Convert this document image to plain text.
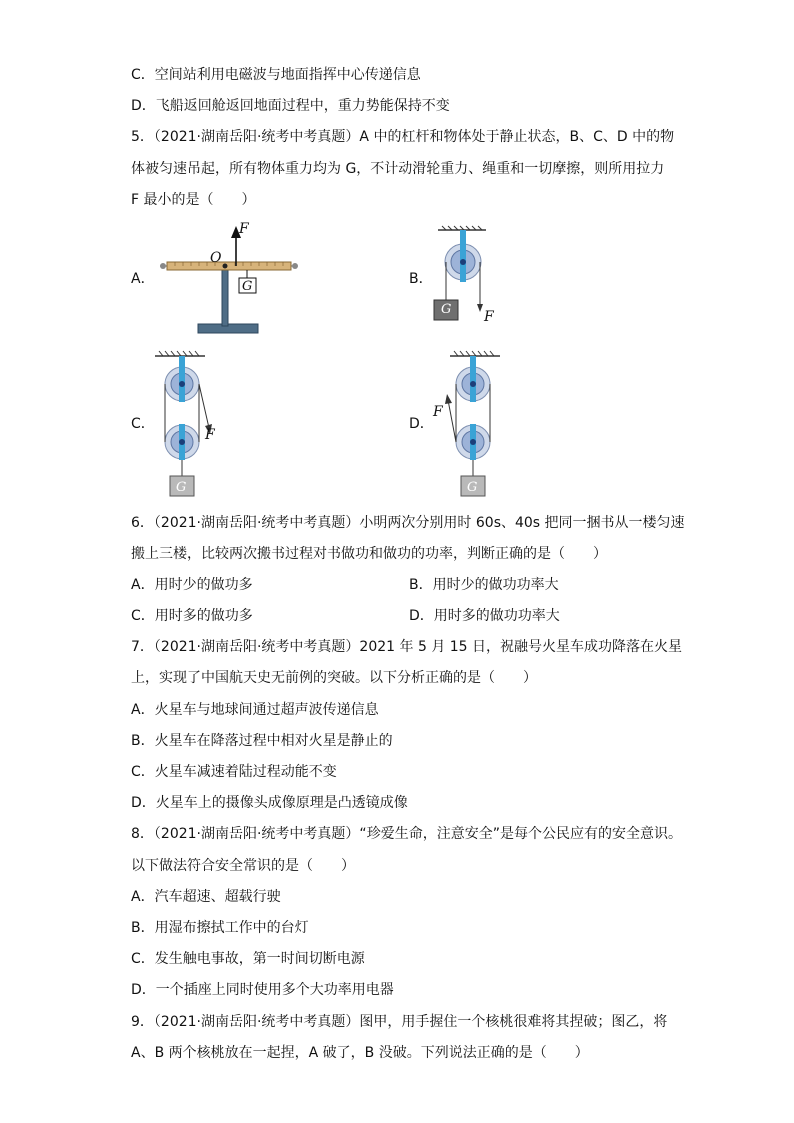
C．空间站利用电磁波与地面指挥中心传递信息
D．飞船返回舱返回地面过程中，重力势能保持不变
5．（2021·湖南岳阳·统考中考真题）A 中的杠杆和物体处于静止状态，B、C、D 中的物
体被匀速吊起，所有物体重力均为 G，不计动滑轮重力、绳重和一切摩擦，则所用拉力
F 最小的是（　　）
A．	B．
C．	D．
F
O
G
G F
F
G
F
G
6．（2021·湖南岳阳·统考中考真题）小明两次分别用时 60s、40s 把同一捆书从一楼匀速
搬上三楼，比较两次搬书过程对书做功和做功的功率，判断正确的是（　　）
A．用时少的做功多	B．用时少的做功功率大
C．用时多的做功多	D．用时多的做功功率大
7．（2021·湖南岳阳·统考中考真题）2021 年 5 月 15 日，祝融号火星车成功降落在火星
上，实现了中国航天史无前例的突破。以下分析正确的是（　　）
A．火星车与地球间通过超声波传递信息
B．火星车在降落过程中相对火星是静止的
C．火星车减速着陆过程动能不变
D．火星车上的摄像头成像原理是凸透镜成像
8．（2021·湖南岳阳·统考中考真题）“珍爱生命，注意安全”是每个公民应有的安全意识。
以下做法符合安全常识的是（　　）
A．汽车超速、超载行驶
B．用湿布擦拭工作中的台灯
C．发生触电事故，第一时间切断电源
D．一个插座上同时使用多个大功率用电器
9．（2021·湖南岳阳·统考中考真题）图甲，用手握住一个核桃很难将其捏破；图乙，将
A、B 两个核桃放在一起捏，A 破了，B 没破。下列说法正确的是（　　）
